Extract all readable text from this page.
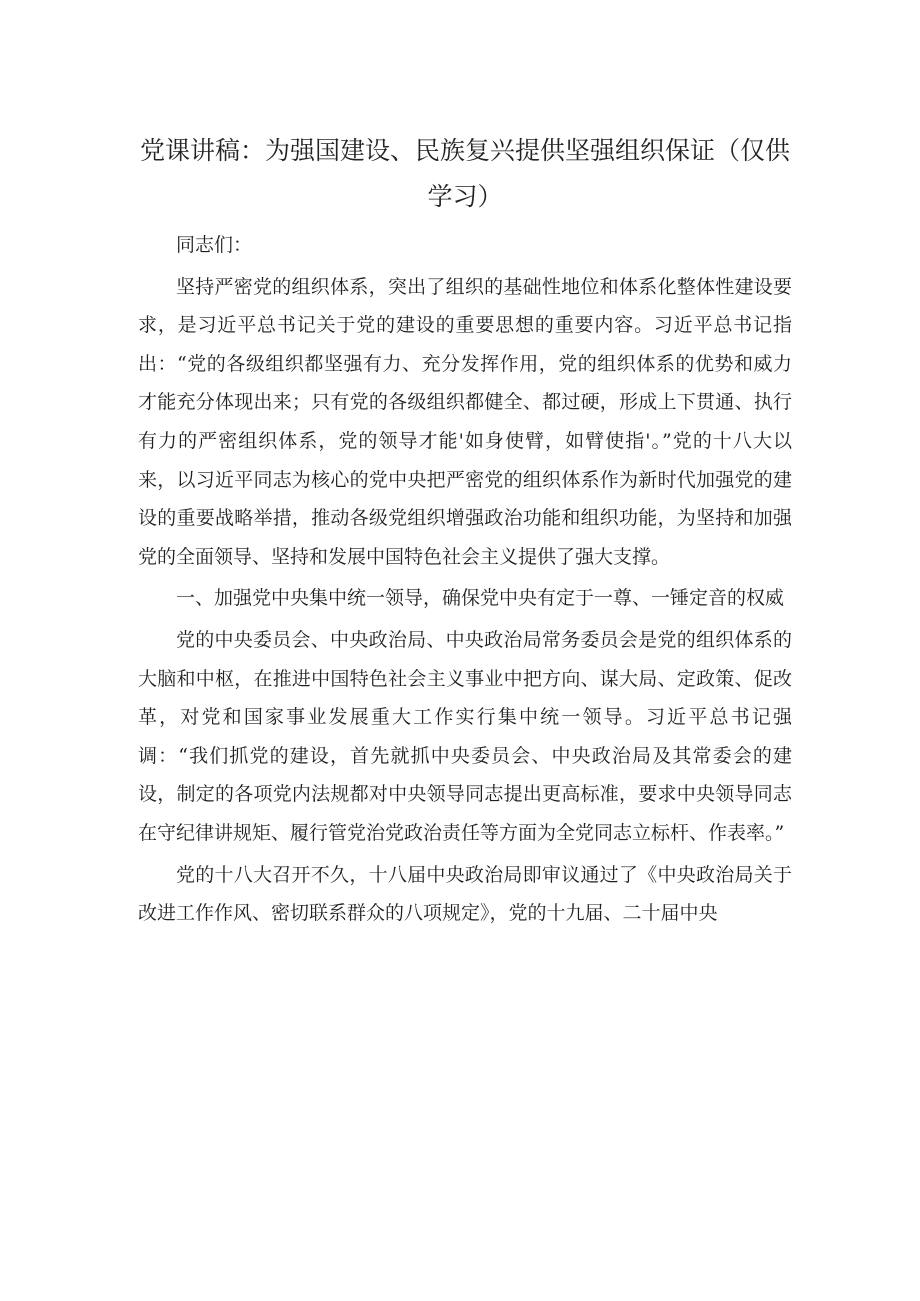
党课讲稿：为强国建设、民族复兴提供坚强组织保证（仅供学习）

同志们：

坚持严密党的组织体系，突出了组织的基础性地位和体系化整体性建设要求，是习近平总书记关于党的建设的重要思想的重要内容。习近平总书记指出：“党的各级组织都坚强有力、充分发挥作用，党的组织体系的优势和威力才能充分体现出来；只有党的各级组织都健全、都过硬，形成上下贯通、执行有力的严密组织体系，党的领导才能'如身使臂，如臂使指'。”党的十八大以来，以习近平同志为核心的党中央把严密党的组织体系作为新时代加强党的建设的重要战略举措，推动各级党组织增强政治功能和组织功能，为坚持和加强党的全面领导、坚持和发展中国特色社会主义提供了强大支撑。

一、加强党中央集中统一领导，确保党中央有定于一尊、一锤定音的权威

党的中央委员会、中央政治局、中央政治局常务委员会是党的组织体系的大脑和中枢，在推进中国特色社会主义事业中把方向、谋大局、定政策、促改革，对党和国家事业发展重大工作实行集中统一领导。习近平总书记强调：“我们抓党的建设，首先就抓中央委员会、中央政治局及其常委会的建设，制定的各项党内法规都对中央领导同志提出更高标准，要求中央领导同志在守纪律讲规矩、履行管党治党政治责任等方面为全党同志立标杆、作表率。”

党的十八大召开不久，十八届中央政治局即审议通过了《中央政治局关于改进工作作风、密切联系群众的八项规定》，党的十九届、二十届中央
